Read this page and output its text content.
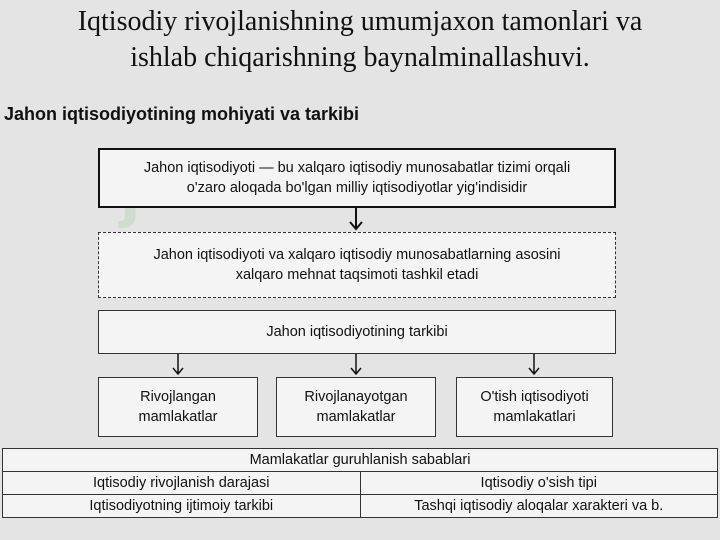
Iqtisodiy rivojlanishning umumjaxon tamonlari va
ishlab chiqarishning baynalminallashuvi.
Jahon iqtisodiyotining mohiyati va tarkibi
Jahon iqtisodiyoti — bu xalqaro iqtisodiy munosabatlar tizimi orqali
o'zaro aloqada bo'lgan milliy iqtisodiyotlar yig'indisidir
Jahon iqtisodiyoti va xalqaro iqtisodiy munosabatlarning asosini
xalqaro mehnat taqsimoti tashkil etadi
Jahon iqtisodiyotining tarkibi
Rivojlangan
mamlakatlar
Rivojlanayotgan
mamlakatlar
O'tish iqtisodiyoti
mamlakatlari
Mamlakatlar guruhlanish sabablari	
Iqtisodiy rivojlanish darajasi	Iqtisodiy o'sish tipi
Iqtisodiyotning ijtimoiy tarkibi	Tashqi iqtisodiy aloqalar xarakteri va b.
